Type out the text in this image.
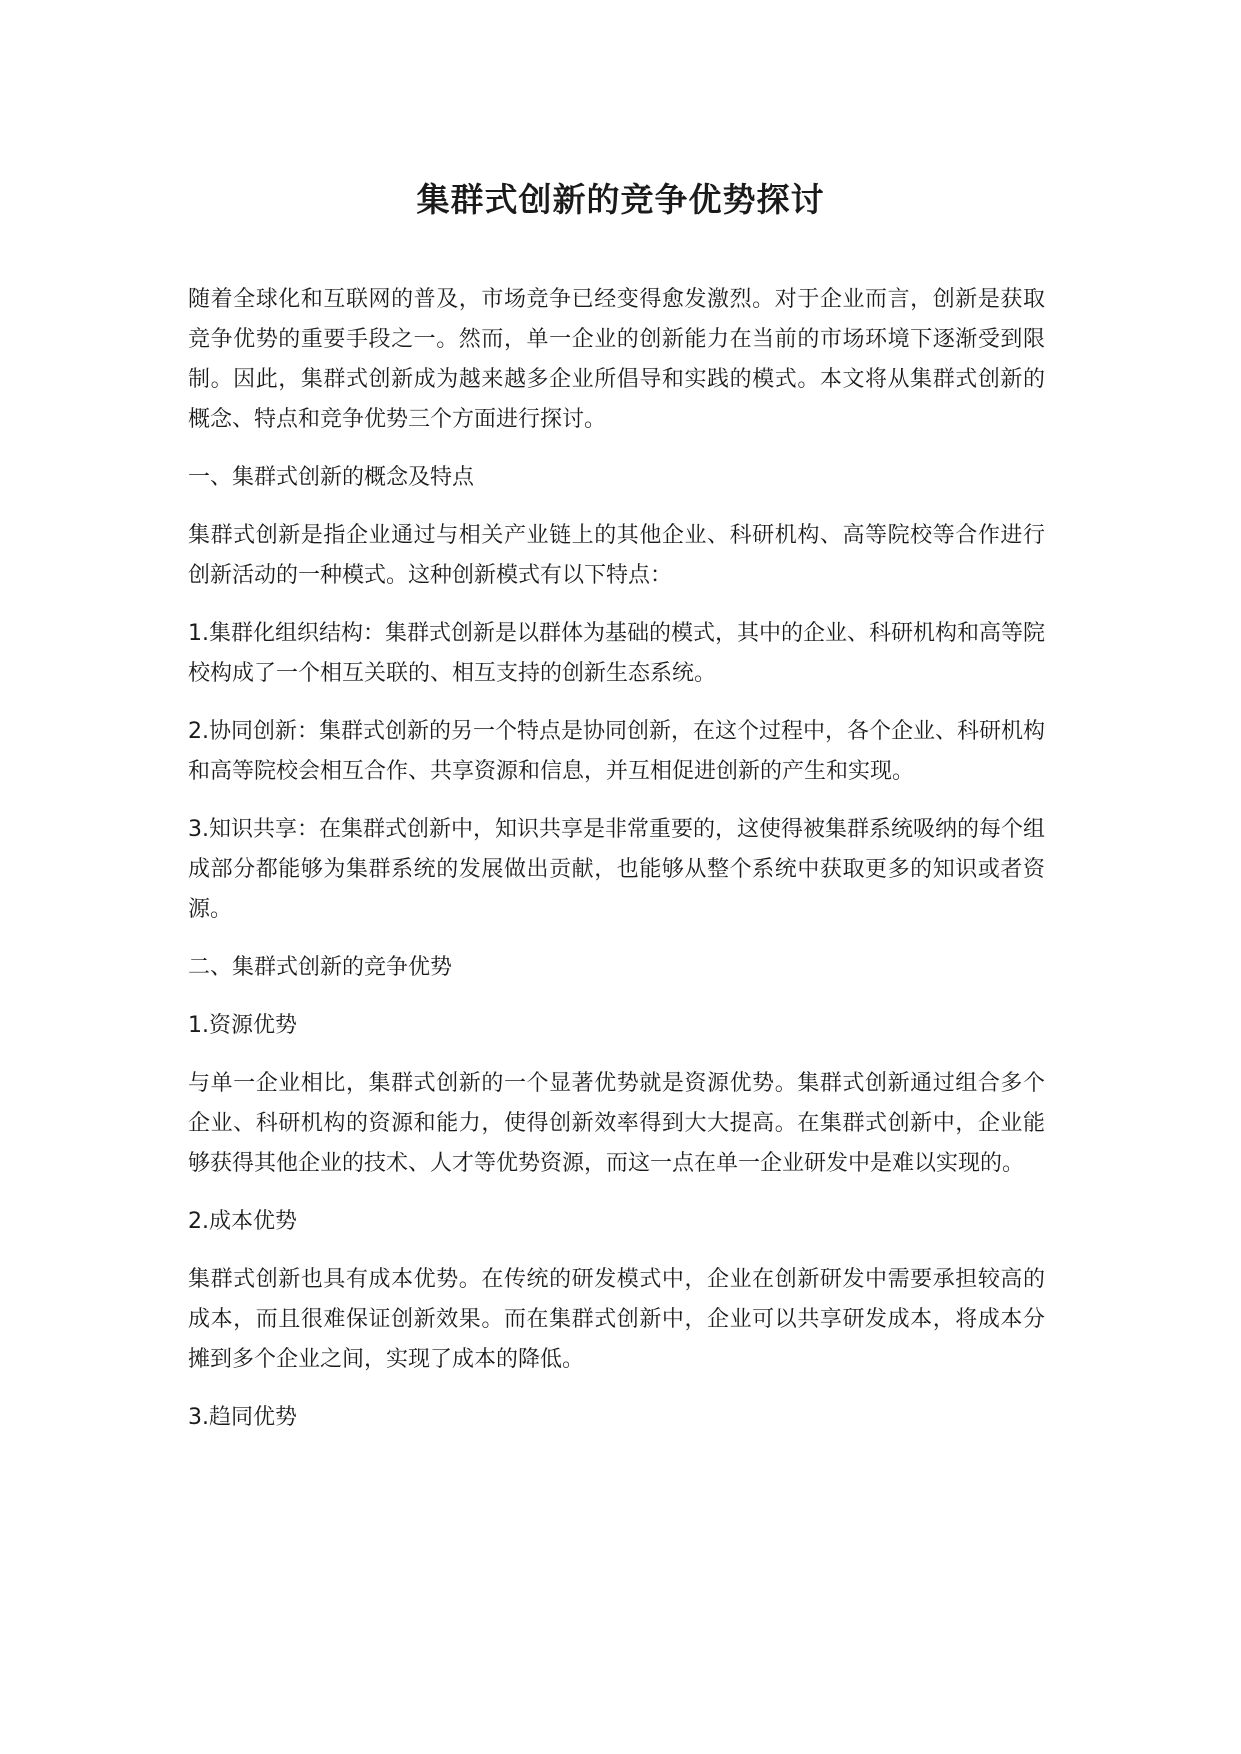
集群式创新的竞争优势探讨

随着全球化和互联网的普及，市场竞争已经变得愈发激烈。对于企业而言，创新是获取竞争优势的重要手段之一。然而，单一企业的创新能力在当前的市场环境下逐渐受到限制。因此，集群式创新成为越来越多企业所倡导和实践的模式。本文将从集群式创新的概念、特点和竞争优势三个方面进行探讨。

一、集群式创新的概念及特点

集群式创新是指企业通过与相关产业链上的其他企业、科研机构、高等院校等合作进行创新活动的一种模式。这种创新模式有以下特点：

1.集群化组织结构：集群式创新是以群体为基础的模式，其中的企业、科研机构和高等院校构成了一个相互关联的、相互支持的创新生态系统。

2.协同创新：集群式创新的另一个特点是协同创新，在这个过程中，各个企业、科研机构和高等院校会相互合作、共享资源和信息，并互相促进创新的产生和实现。

3.知识共享：在集群式创新中，知识共享是非常重要的，这使得被集群系统吸纳的每个组成部分都能够为集群系统的发展做出贡献，也能够从整个系统中获取更多的知识或者资源。

二、集群式创新的竞争优势

1.资源优势

与单一企业相比，集群式创新的一个显著优势就是资源优势。集群式创新通过组合多个企业、科研机构的资源和能力，使得创新效率得到大大提高。在集群式创新中，企业能够获得其他企业的技术、人才等优势资源，而这一点在单一企业研发中是难以实现的。

2.成本优势

集群式创新也具有成本优势。在传统的研发模式中，企业在创新研发中需要承担较高的成本，而且很难保证创新效果。而在集群式创新中，企业可以共享研发成本，将成本分摊到多个企业之间，实现了成本的降低。

3.趋同优势
